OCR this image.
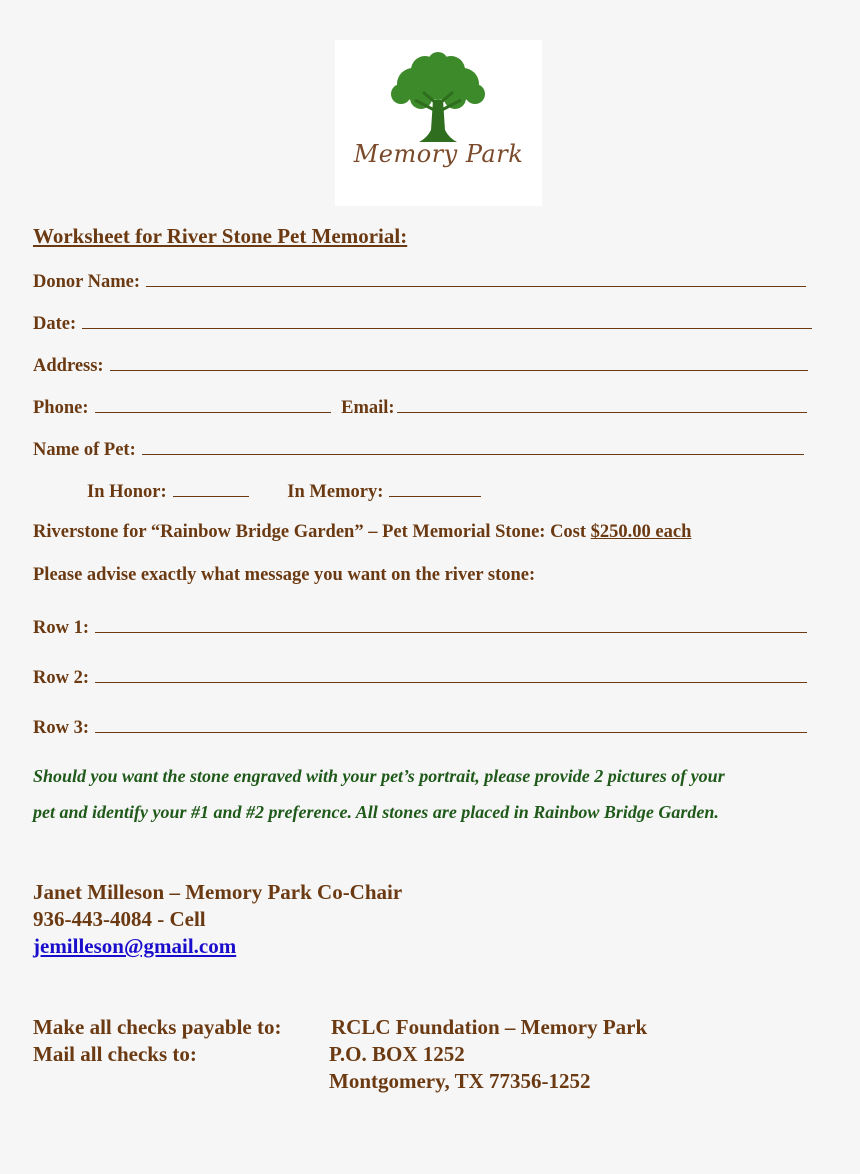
Memory Park
Worksheet for River Stone Pet Memorial:
Donor Name:
Date:
Address:
Phone:	Email:
Name of Pet:
In Honor:	In Memory:
Riverstone for “Rainbow Bridge Garden” – Pet Memorial Stone: Cost $250.00 each
Please advise exactly what message you want on the river stone:
Row 1:
Row 2:
Row 3:
Should you want the stone engraved with your pet’s portrait, please provide 2 pictures of your
pet and identify your #1 and #2 preference. All stones are placed in Rainbow Bridge Garden.
Janet Milleson – Memory Park Co-Chair
936-443-4084 - Cell
jemilleson@gmail.com
Make all checks payable to: RCLC Foundation – Memory Park
Mail all checks to:	P.O. BOX 1252
Montgomery, TX 77356-1252
